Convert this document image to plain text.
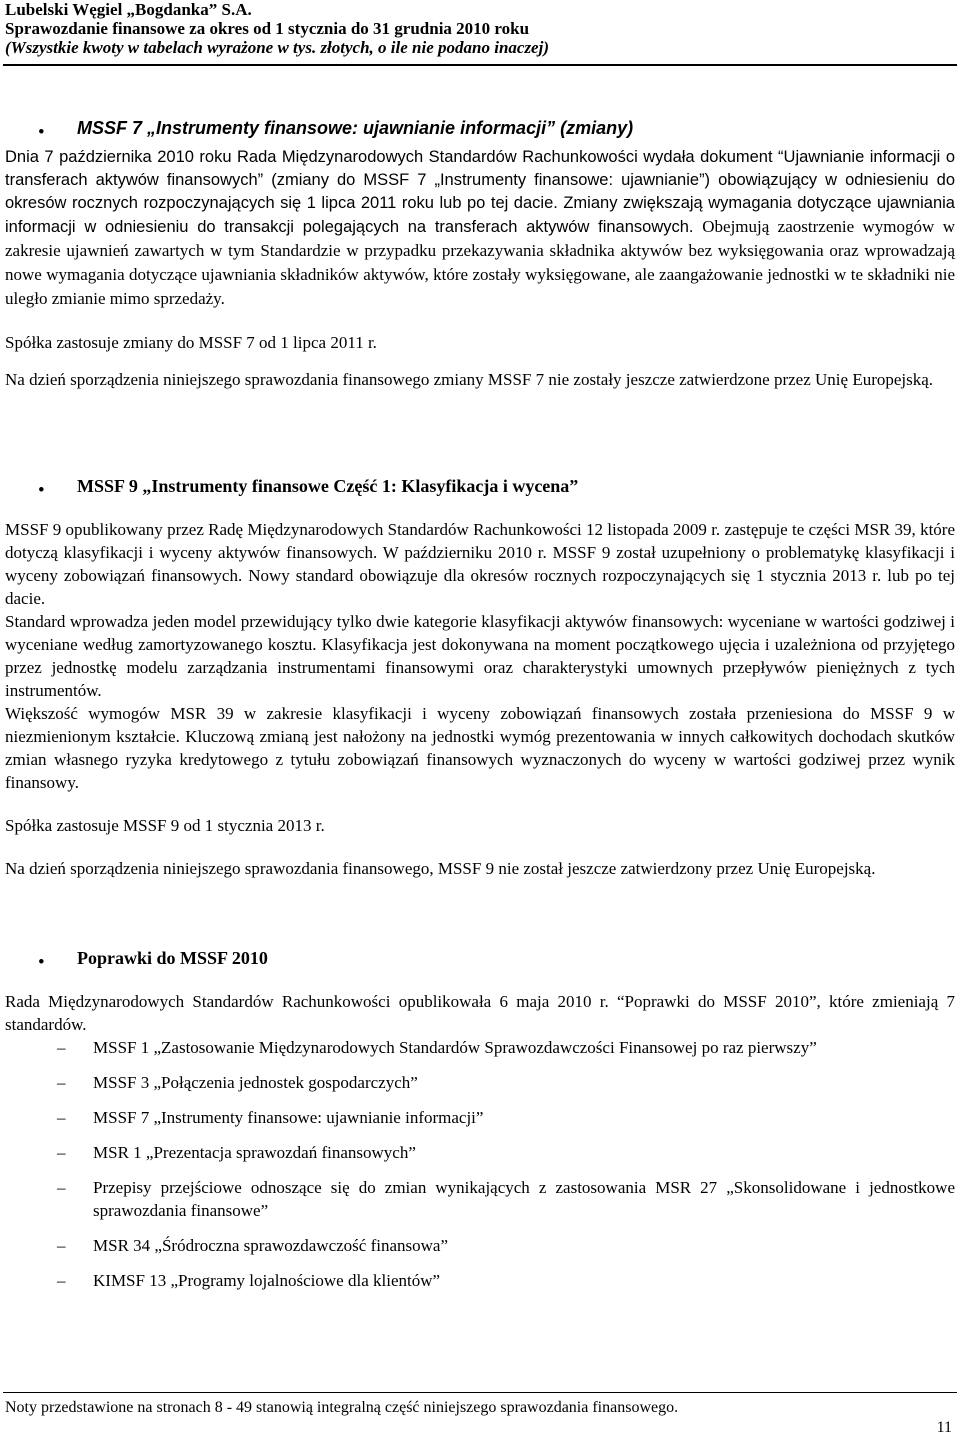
Lubelski Węgiel „Bogdanka” S.A.
Sprawozdanie finansowe za okres od 1 stycznia do 31 grudnia 2010 roku
(Wszystkie kwoty w tabelach wyrażone w tys. złotych, o ile nie podano inaczej)
• MSSF 7 „Instrumenty finansowe: ujawnianie informacji” (zmiany)

Dnia 7 października 2010 roku Rada Międzynarodowych Standardów Rachunkowości wydała dokument “Ujawnianie informacji o transferach aktywów finansowych” (zmiany do MSSF 7 „Instrumenty finansowe: ujawnianie”) obowiązujący w odniesieniu do okresów rocznych rozpoczynających się 1 lipca 2011 roku lub po tej dacie. Zmiany zwiększają wymagania dotyczące ujawniania informacji w odniesieniu do transakcji polegających na transferach aktywów finansowych. Obejmują zaostrzenie wymogów w zakresie ujawnień zawartych w tym Standardzie w przypadku przekazywania składnika aktywów bez wyksięgowania oraz wprowadzają nowe wymagania dotyczące ujawniania składników aktywów, które zostały wyksięgowane, ale zaangażowanie jednostki w te składniki nie uległo zmianie mimo sprzedaży.

Spółka zastosuje zmiany do MSSF 7 od 1 lipca 2011 r.

Na dzień sporządzenia niniejszego sprawozdania finansowego zmiany MSSF 7 nie zostały jeszcze zatwierdzone przez Unię Europejską.

• MSSF 9 „Instrumenty finansowe Część 1: Klasyfikacja i wycena”

MSSF 9 opublikowany przez Radę Międzynarodowych Standardów Rachunkowości 12 listopada 2009 r. zastępuje te części MSR 39, które dotyczą klasyfikacji i wyceny aktywów finansowych. W październiku 2010 r. MSSF 9 został uzupełniony o problematykę klasyfikacji i wyceny zobowiązań finansowych. Nowy standard obowiązuje dla okresów rocznych rozpoczynających się 1 stycznia 2013 r. lub po tej dacie.

Standard wprowadza jeden model przewidujący tylko dwie kategorie klasyfikacji aktywów finansowych: wyceniane w wartości godziwej i wyceniane według zamortyzowanego kosztu. Klasyfikacja jest dokonywana na moment początkowego ujęcia i uzależniona od przyjętego przez jednostkę modelu zarządzania instrumentami finansowymi oraz charakterystyki umownych przepływów pieniężnych z tych instrumentów.

Większość wymogów MSR 39 w zakresie klasyfikacji i wyceny zobowiązań finansowych została przeniesiona do MSSF 9 w niezmienionym kształcie. Kluczową zmianą jest nałożony na jednostki wymóg prezentowania w innych całkowitych dochodach skutków zmian własnego ryzyka kredytowego z tytułu zobowiązań finansowych wyznaczonych do wyceny w wartości godziwej przez wynik finansowy.

Spółka zastosuje MSSF 9 od 1 stycznia 2013 r.

Na dzień sporządzenia niniejszego sprawozdania finansowego, MSSF 9 nie został jeszcze zatwierdzony przez Unię Europejską.

• Poprawki do MSSF 2010

Rada Międzynarodowych Standardów Rachunkowości opublikowała 6 maja 2010 r. “Poprawki do MSSF 2010”, które zmieniają 7 standardów.

– MSSF 1 „Zastosowanie Międzynarodowych Standardów Sprawozdawczości Finansowej po raz pierwszy”
– MSSF 3 „Połączenia jednostek gospodarczych”
– MSSF 7 „Instrumenty finansowe: ujawnianie informacji”
– MSR 1 „Prezentacja sprawozdań finansowych”
– Przepisy przejściowe odnoszące się do zmian wynikających z zastosowania MSR 27 „Skonsolidowane i jednostkowe sprawozdania finansowe”
– MSR 34 „Śródroczna sprawozdawczość finansowa”
– KIMSF 13 „Programy lojalnościowe dla klientów”
Noty przedstawione na stronach 8 - 49 stanowią integralną część niniejszego sprawozdania finansowego.
11
